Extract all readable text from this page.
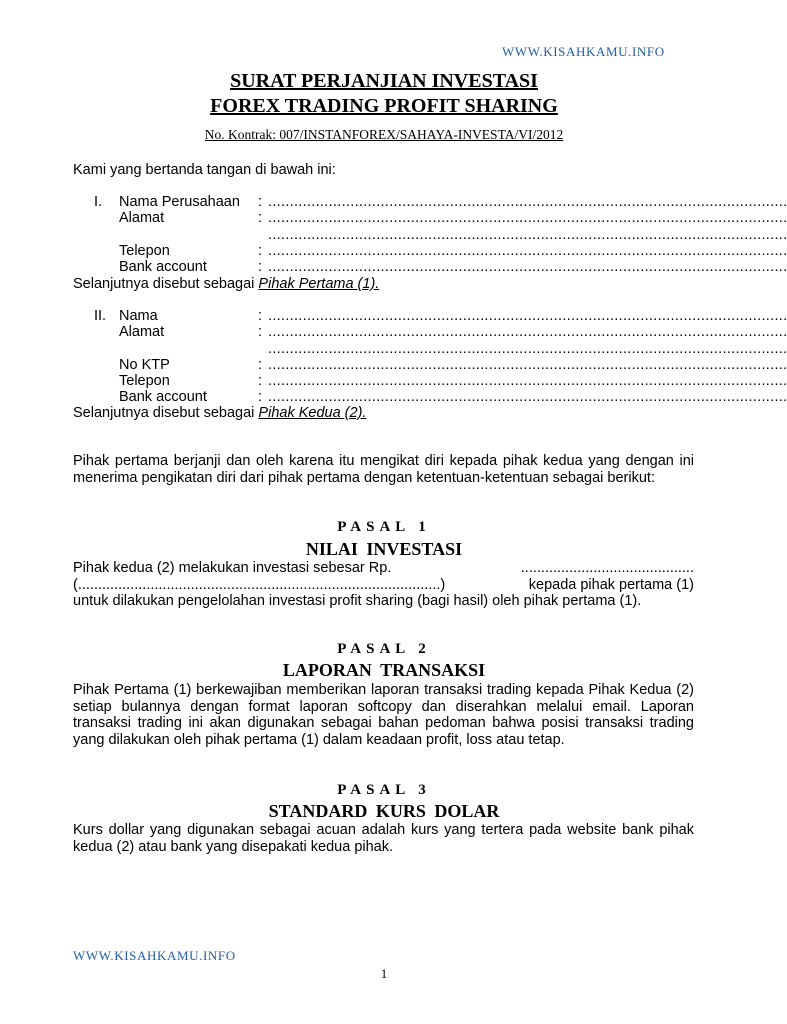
WWW.KISAHKAMU.INFO
SURAT PERJANJIAN INVESTASI
FOREX TRADING PROFIT SHARING
No. Kontrak: 007/INSTANFOREX/SAHAYA-INVESTA/VI/2012
Kami yang bertanda tangan di bawah ini:
I. Nama Perusahaan : ........................................................................................................................
Alamat	: ........................................................................................................................
........................................................................................................................
Telepon	: ........................................................................................................................
Bank account	: ........................................................................................................................
Selanjutnya disebut sebagai Pihak Pertama (1).
II. Nama	: ........................................................................................................................
Alamat	: ........................................................................................................................
........................................................................................................................
No KTP	: ........................................................................................................................
Telepon	: ........................................................................................................................
Bank account	: ........................................................................................................................
Selanjutnya disebut sebagai Pihak Kedua (2).
Pihak pertama berjanji dan oleh karena itu mengikat diri kepada pihak kedua yang dengan ini menerima pengikatan diri dari pihak pertama dengan ketentuan-ketentuan sebagai berikut:
PASAL 1
NILAI INVESTASI
Pihak kedua (2) melakukan investasi sebesar Rp.	...........................................
(..........................................................................................)	kepada pihak pertama (1)
untuk dilakukan pengelolahan investasi profit sharing (bagi hasil) oleh pihak pertama (1).
PASAL 2
LAPORAN TRANSAKSI
Pihak Pertama (1) berkewajiban memberikan laporan transaksi trading kepada Pihak Kedua (2) setiap bulannya dengan format laporan softcopy dan diserahkan melalui email. Laporan transaksi trading ini akan digunakan sebagai bahan pedoman bahwa posisi transaksi trading yang dilakukan oleh pihak pertama (1) dalam keadaan profit, loss atau tetap.
PASAL 3
STANDARD KURS DOLAR
Kurs dollar yang digunakan sebagai acuan adalah kurs yang tertera pada website bank pihak kedua (2) atau bank yang disepakati kedua pihak.
WWW.KISAHKAMU.INFO
1
